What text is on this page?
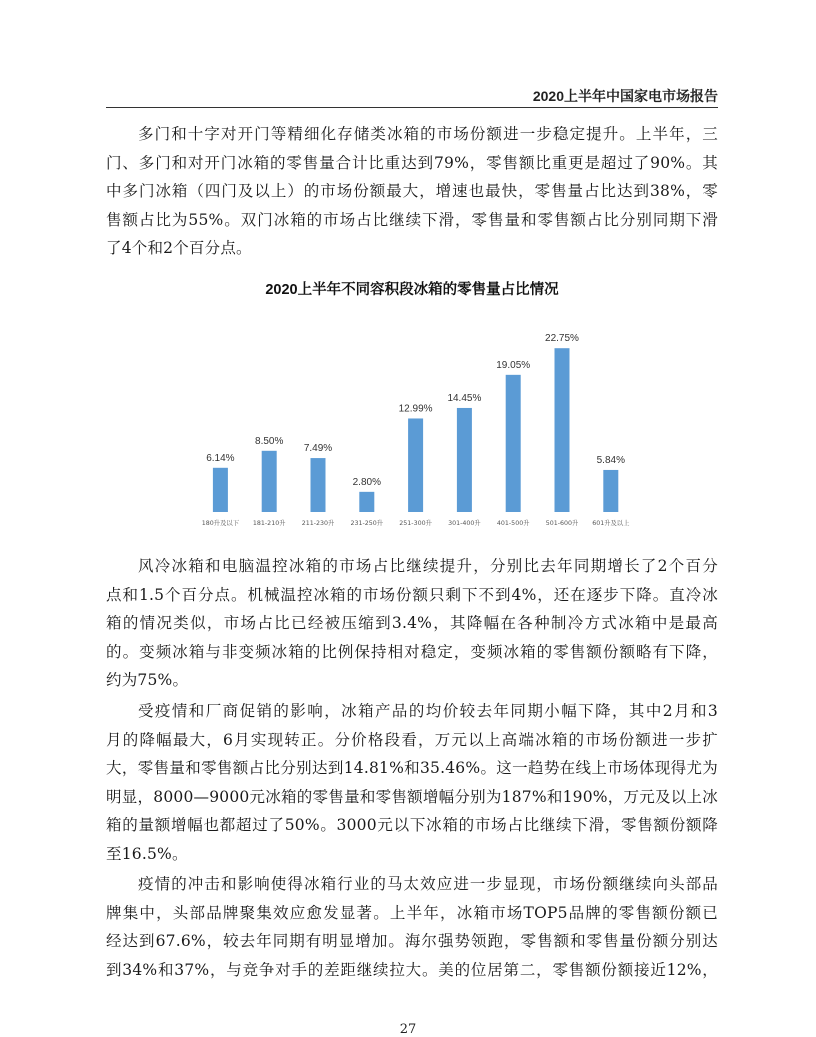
2020上半年中国家电市场报告
多门和十字对开门等精细化存储类冰箱的市场份额进一步稳定提升。上半年，三
门、多门和对开门冰箱的零售量合计比重达到79%，零售额比重更是超过了90%。其
中多门冰箱（四门及以上）的市场份额最大，增速也最快，零售量占比达到38%，零
售额占比为55%。双门冰箱的市场占比继续下滑，零售量和零售额占比分别同期下滑
了4个和2个百分点。
2020上半年不同容积段冰箱的零售量占比情况
6.14%
180升及以下
8.50%
181-210升
7.49%
211-230升
2.80%
231-250升
12.99%
251-300升
14.45%
301-400升
19.05%
401-500升
22.75%
501-600升
5.84%
601升及以上
风冷冰箱和电脑温控冰箱的市场占比继续提升，分别比去年同期增长了2个百分
点和1.5个百分点。机械温控冰箱的市场份额只剩下不到4%，还在逐步下降。直冷冰
箱的情况类似，市场占比已经被压缩到3.4%，其降幅在各种制冷方式冰箱中是最高
的。变频冰箱与非变频冰箱的比例保持相对稳定，变频冰箱的零售额份额略有下降，
约为75%。
受疫情和厂商促销的影响，冰箱产品的均价较去年同期小幅下降，其中2月和3
月的降幅最大，6月实现转正。分价格段看，万元以上高端冰箱的市场份额进一步扩
大，零售量和零售额占比分别达到14.81%和35.46%。这一趋势在线上市场体现得尤为
明显，8000—9000元冰箱的零售量和零售额增幅分别为187%和190%，万元及以上冰
箱的量额增幅也都超过了50%。3000元以下冰箱的市场占比继续下滑，零售额份额降
至16.5%。
疫情的冲击和影响使得冰箱行业的马太效应进一步显现，市场份额继续向头部品
牌集中，头部品牌聚集效应愈发显著。上半年，冰箱市场TOP5品牌的零售额份额已
经达到67.6%，较去年同期有明显增加。海尔强势领跑，零售额和零售量份额分别达
到34%和37%，与竞争对手的差距继续拉大。美的位居第二，零售额份额接近12%，
27
